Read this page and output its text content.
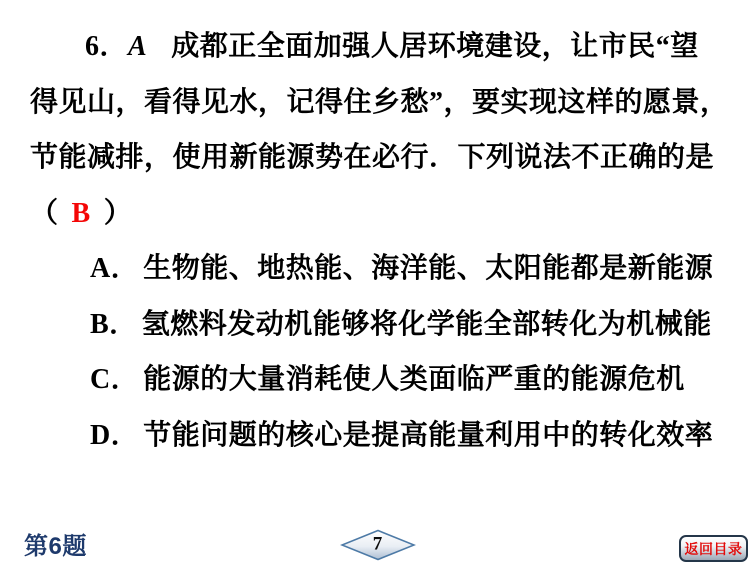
6．A 成都正全面加强人居环境建设，让市民“望
得见山，看得见水，记得住乡愁”，要实现这样的愿景，
节能减排，使用新能源势在必行．下列说法不正确的是
（ B ）
A． 生物能、地热能、海洋能、太阳能都是新能源
B． 氢燃料发动机能够将化学能全部转化为机械能
C． 能源的大量消耗使人类面临严重的能源危机
D． 节能问题的核心是提高能量利用中的转化效率
第6题	7	返回目录
